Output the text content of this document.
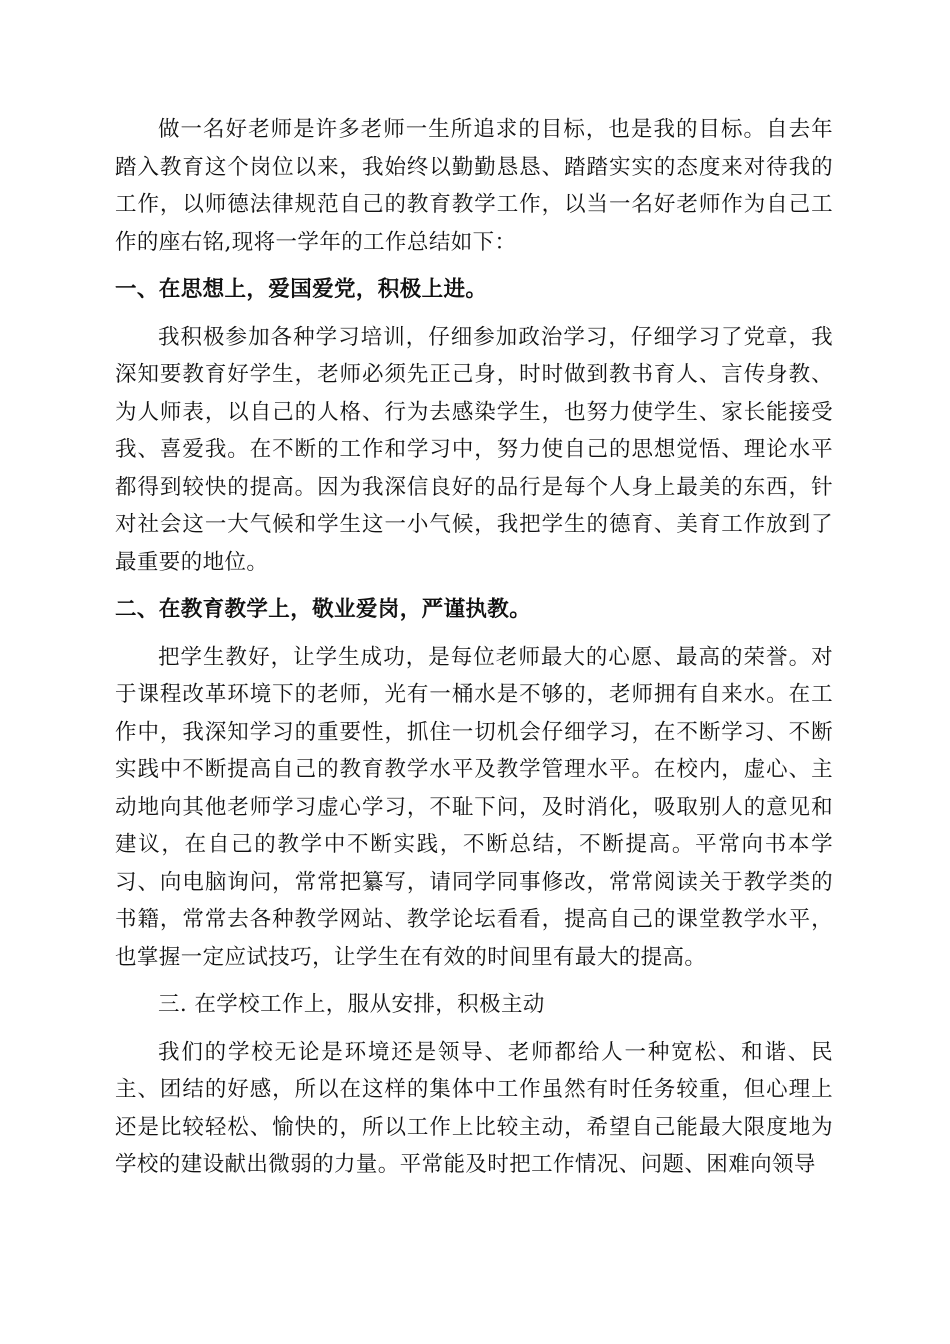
做一名好老师是许多老师一生所追求的目标，也是我的目标。自去年踏入教育这个岗位以来，我始终以勤勤恳恳、踏踏实实的态度来对待我的工作，以师德法律规范自己的教育教学工作，以当一名好老师作为自己工作的座右铭,现将一学年的工作总结如下：

一、在思想上，爱国爱党，积极上进。

我积极参加各种学习培训，仔细参加政治学习，仔细学习了党章，我深知要教育好学生，老师必须先正己身，时时做到教书育人、言传身教、为人师表，以自己的人格、行为去感染学生，也努力使学生、家长能接受我、喜爱我。在不断的工作和学习中，努力使自己的思想觉悟、理论水平都得到较快的提高。因为我深信良好的品行是每个人身上最美的东西，针对社会这一大气候和学生这一小气候，我把学生的德育、美育工作放到了最重要的地位。

二、在教育教学上，敬业爱岗，严谨执教。

把学生教好，让学生成功，是每位老师最大的心愿、最高的荣誉。对于课程改革环境下的老师，光有一桶水是不够的，老师拥有自来水。在工作中，我深知学习的重要性，抓住一切机会仔细学习，在不断学习、不断实践中不断提高自己的教育教学水平及教学管理水平。在校内，虚心、主动地向其他老师学习虚心学习，不耻下问，及时消化，吸取别人的意见和建议，在自己的教学中不断实践，不断总结，不断提高。平常向书本学习、向电脑询问，常常把纂写，请同学同事修改，常常阅读关于教学类的书籍，常常去各种教学网站、教学论坛看看，提高自己的课堂教学水平，也掌握一定应试技巧，让学生在有效的时间里有最大的提高。

三. 在学校工作上，服从安排，积极主动

我们的学校无论是环境还是领导、老师都给人一种宽松、和谐、民主、团结的好感，所以在这样的集体中工作虽然有时任务较重，但心理上还是比较轻松、愉快的，所以工作上比较主动，希望自己能最大限度地为学校的建设献出微弱的力量。平常能及时把工作情况、问题、困难向领导
